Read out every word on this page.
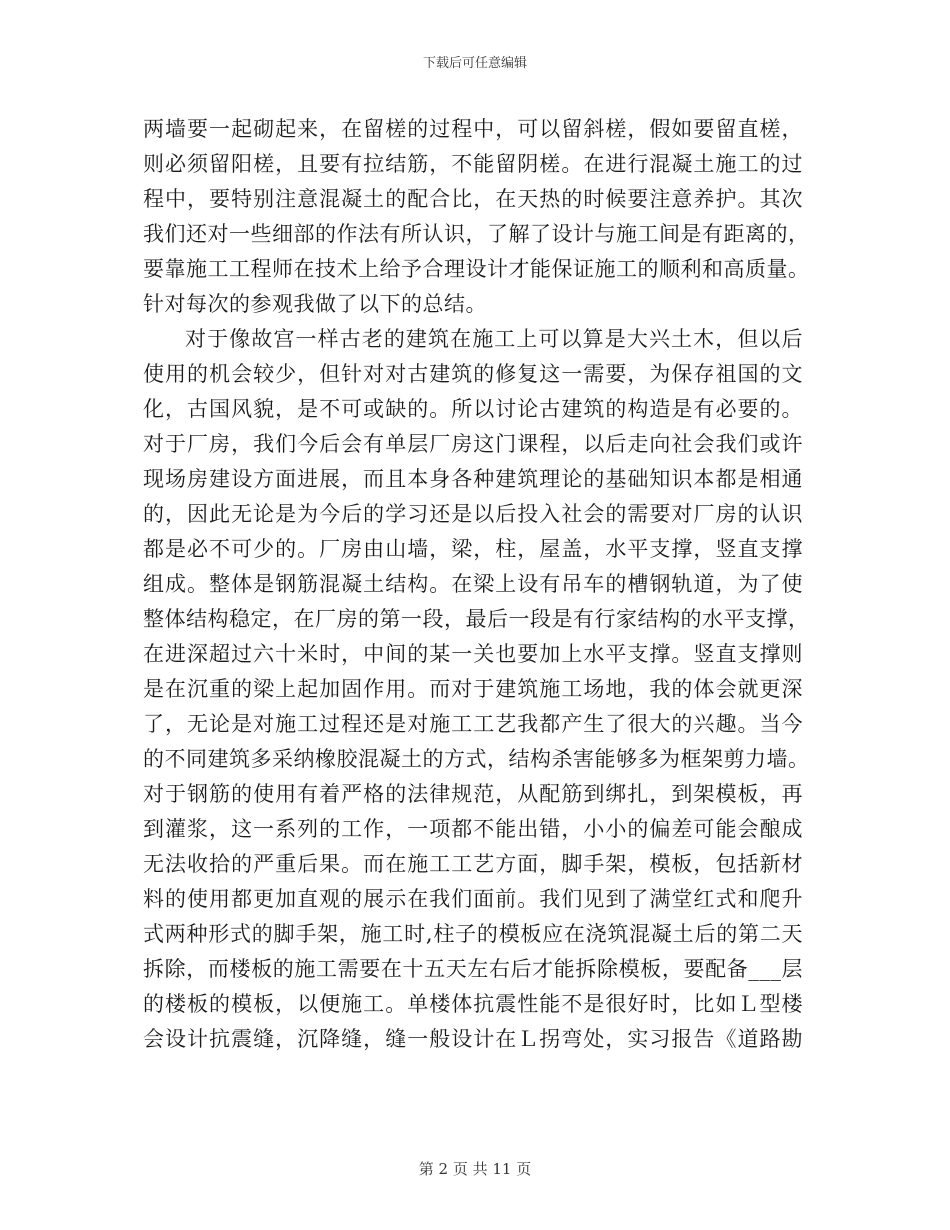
下载后可任意编辑
两墙要一起砌起来，在留槎的过程中，可以留斜槎，假如要留直槎，
则必须留阳槎，且要有拉结筋，不能留阴槎。在进行混凝土施工的过
程中，要特别注意混凝土的配合比，在天热的时候要注意养护。其次
我们还对一些细部的作法有所认识，了解了设计与施工间是有距离的，
要靠施工工程师在技术上给予合理设计才能保证施工的顺利和高质量。
针对每次的参观我做了以下的总结。
对于像故宫一样古老的建筑在施工上可以算是大兴土木，但以后
使用的机会较少，但针对对古建筑的修复这一需要，为保存祖国的文
化，古国风貌，是不可或缺的。所以讨论古建筑的构造是有必要的。
对于厂房，我们今后会有单层厂房这门课程，以后走向社会我们或许
现场房建设方面进展，而且本身各种建筑理论的基础知识本都是相通
的，因此无论是为今后的学习还是以后投入社会的需要对厂房的认识
都是必不可少的。厂房由山墙，梁，柱，屋盖，水平支撑，竖直支撑
组成。整体是钢筋混凝土结构。在梁上设有吊车的槽钢轨道，为了使
整体结构稳定，在厂房的第一段，最后一段是有行家结构的水平支撑，
在进深超过六十米时，中间的某一关也要加上水平支撑。竖直支撑则
是在沉重的梁上起加固作用。而对于建筑施工场地，我的体会就更深
了，无论是对施工过程还是对施工工艺我都产生了很大的兴趣。当今
的不同建筑多采纳橡胶混凝土的方式，结构杀害能够多为框架剪力墙。
对于钢筋的使用有着严格的法律规范，从配筋到绑扎，到架模板，再
到灌浆，这一系列的工作，一项都不能出错，小小的偏差可能会酿成
无法收拾的严重后果。而在施工工艺方面，脚手架，模板，包括新材
料的使用都更加直观的展示在我们面前。我们见到了满堂红式和爬升
式两种形式的脚手架，施工时,柱子的模板应在浇筑混凝土后的第二天
拆除，而楼板的施工需要在十五天左右后才能拆除模板，要配备___层
的楼板的模板，以便施工。单楼体抗震性能不是很好时，比如Ｌ型楼
会设计抗震缝，沉降缝，缝一般设计在Ｌ拐弯处，实习报告《道路勘
第 2 页 共 11 页
